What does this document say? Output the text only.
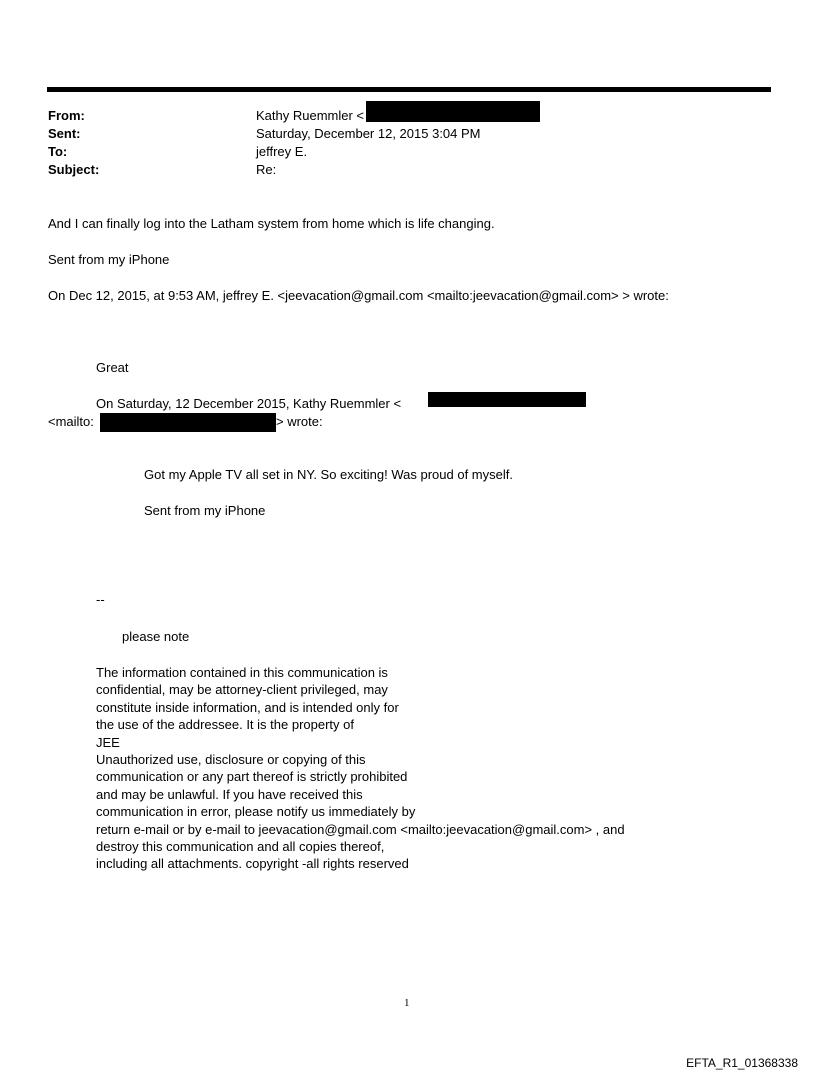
From:
Sent:
To:
Subject:
Kathy Ruemmler <
Saturday, December 12, 2015 3:04 PM
jeffrey E.
Re:
And I can finally log into the Latham system from home which is life changing.
Sent from my iPhone
On Dec 12, 2015, at 9:53 AM, jeffrey E. <jeevacation@gmail.com <mailto:jeevacation@gmail.com> > wrote:
Great
On Saturday, 12 December 2015, Kathy Ruemmler <
<mailto:	> wrote:
Got my Apple TV all set in NY. So exciting! Was proud of myself.
Sent from my iPhone
--
please note
The information contained in this communication is
confidential, may be attorney-client privileged, may
constitute inside information, and is intended only for
the use of the addressee. It is the property of
JEE
Unauthorized use, disclosure or copying of this
communication or any part thereof is strictly prohibited
and may be unlawful. If you have received this
communication in error, please notify us immediately by
return e-mail or by e-mail to jeevacation@gmail.com <mailto:jeevacation@gmail.com> , and
destroy this communication and all copies thereof,
including all attachments. copyright -all rights reserved
1
EFTA_R1_01368338
